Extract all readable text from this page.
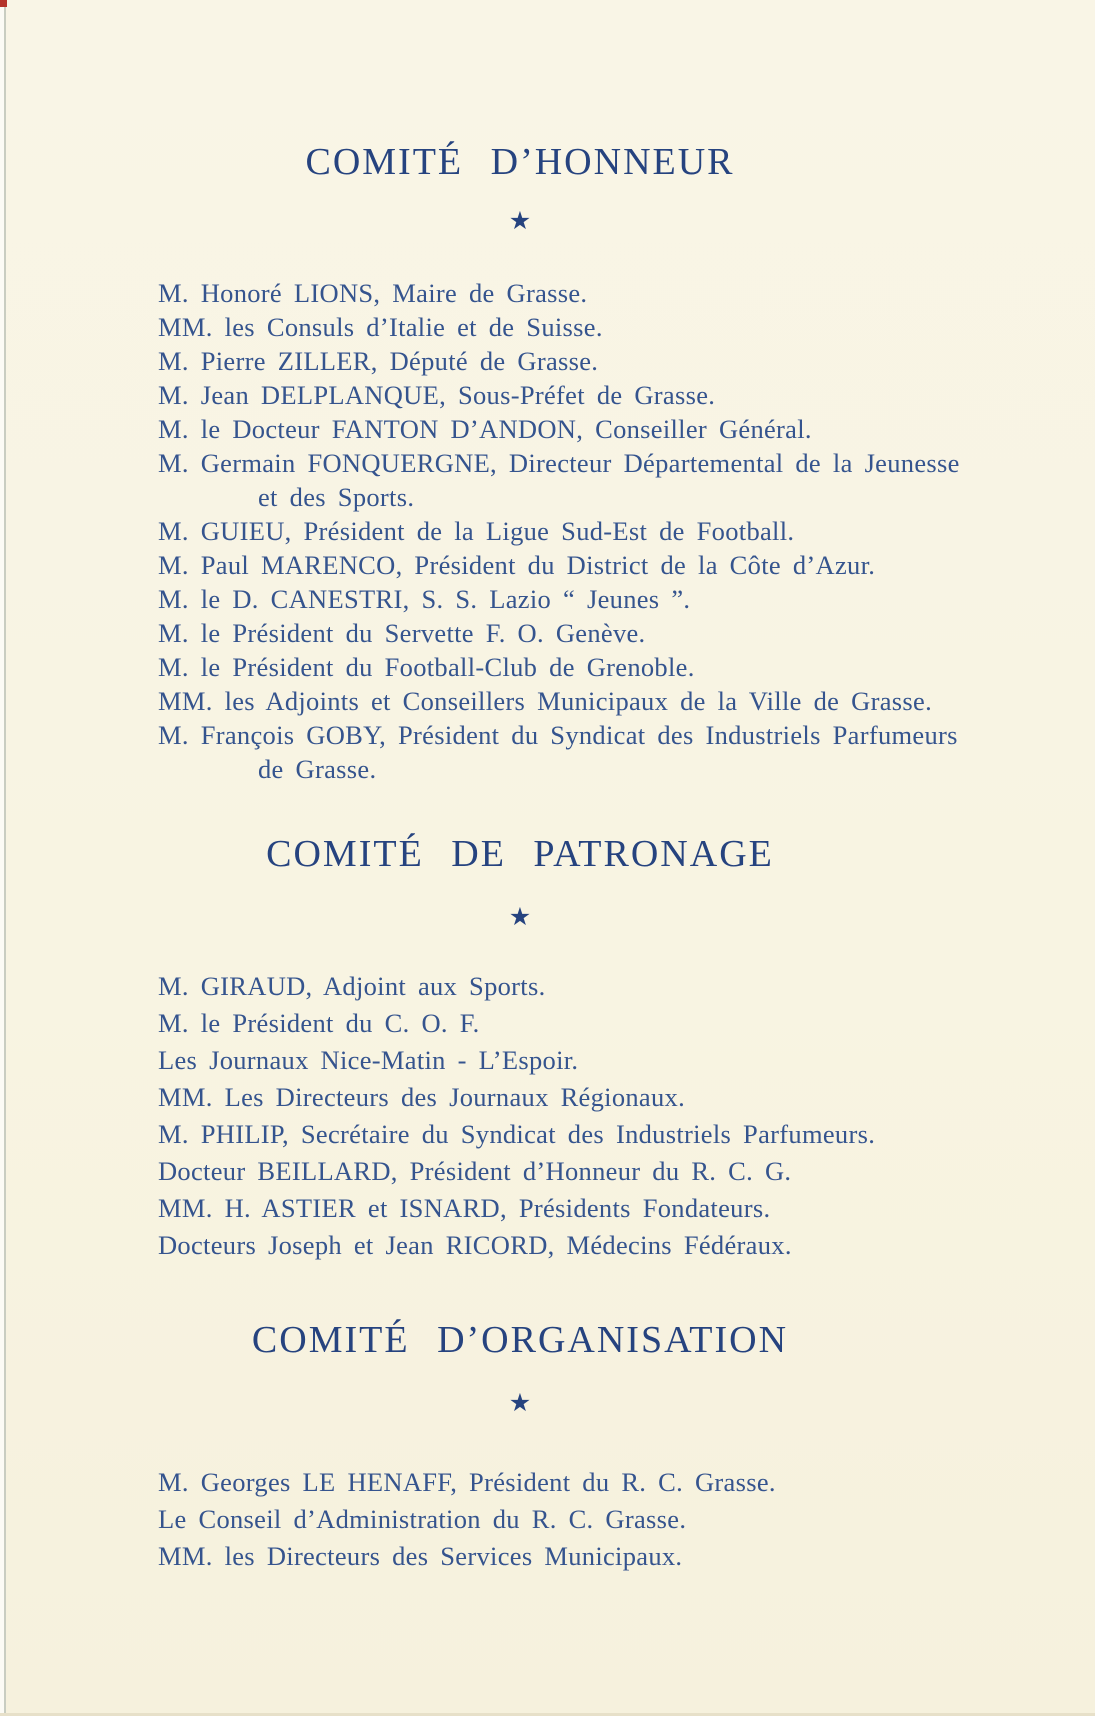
COMITÉ D’HONNEUR
★
M. Honoré LIONS, Maire de Grasse.
MM. les Consuls d’Italie et de Suisse.
M. Pierre ZILLER, Député de Grasse.
M. Jean DELPLANQUE, Sous-Préfet de Grasse.
M. le Docteur FANTON D’ANDON, Conseiller Général.
M. Germain FONQUERGNE, Directeur Départemental de la Jeunesse
et des Sports.
M. GUIEU, Président de la Ligue Sud-Est de Football.
M. Paul MARENCO, Président du District de la Côte d’Azur.
M. le D. CANESTRI, S. S. Lazio “ Jeunes ”.
M. le Président du Servette F. O. Genève.
M. le Président du Football-Club de Grenoble.
MM. les Adjoints et Conseillers Municipaux de la Ville de Grasse.
M. François GOBY, Président du Syndicat des Industriels Parfumeurs
de Grasse.
COMITÉ DE PATRONAGE
★
M. GIRAUD, Adjoint aux Sports.
M. le Président du C. O. F.
Les Journaux Nice-Matin - L’Espoir.
MM. Les Directeurs des Journaux Régionaux.
M. PHILIP, Secrétaire du Syndicat des Industriels Parfumeurs.
Docteur BEILLARD, Président d’Honneur du R. C. G.
MM. H. ASTIER et ISNARD, Présidents Fondateurs.
Docteurs Joseph et Jean RICORD, Médecins Fédéraux.
COMITÉ D’ORGANISATION
★
M. Georges LE HENAFF, Président du R. C. Grasse.
Le Conseil d’Administration du R. C. Grasse.
MM. les Directeurs des Services Municipaux.
